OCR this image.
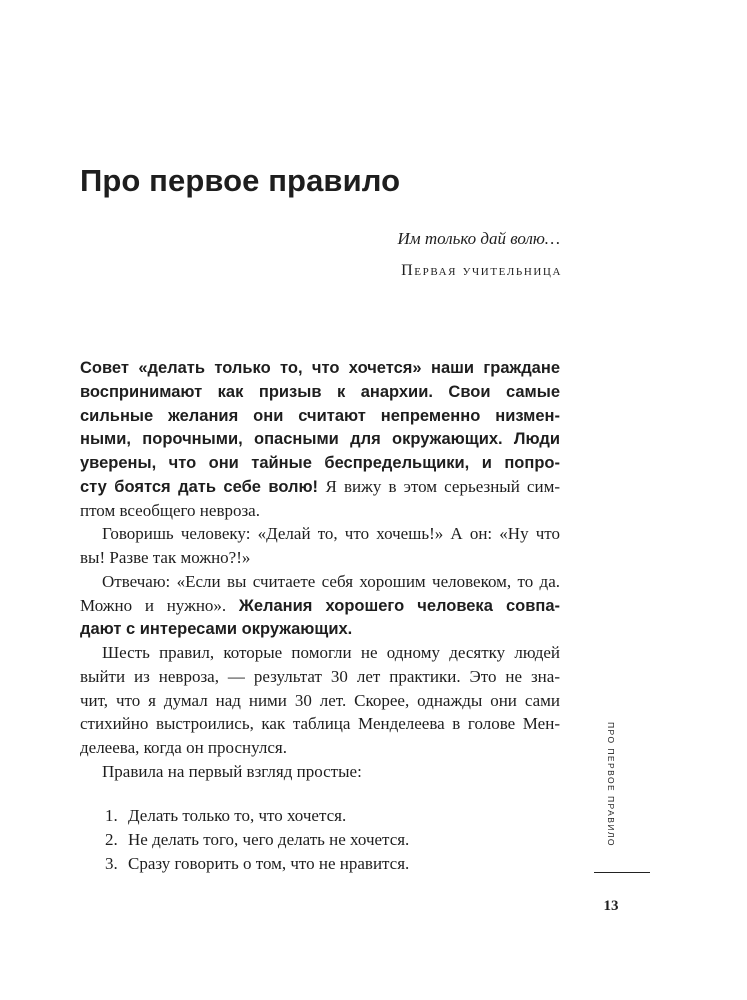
Про первое правило
Им только дай волю…
Первая учительница
Совет «делать только то, что хочется» наши граждане
воспринимают как призыв к анархии. Свои самые
сильные желания они считают непременно низмен-
ными, порочными, опасными для окружающих. Люди
уверены, что они тайные беспредельщики, и попро-
сту боятся дать себе волю! Я вижу в этом серьезный сим-
птом всеобщего невроза.
Говоришь человеку: «Делай то, что хочешь!» А он: «Ну что
вы! Разве так можно?!»
Отвечаю: «Если вы считаете себя хорошим человеком, то да.
Можно и нужно». Желания хорошего человека совпа-
дают с интересами окружающих.
Шесть правил, которые помогли не одному десятку людей
выйти из невроза, — результат 30 лет практики. Это не зна-
чит, что я думал над ними 30 лет. Скорее, однажды они сами
стихийно выстроились, как таблица Менделеева в голове Мен-
делеева, когда он проснулся.
Правила на первый взгляд простые:
1. Делать только то, что хочется.
2. Не делать того, чего делать не хочется.
3. Сразу говорить о том, что не нравится.
ПРО ПЕРВОЕ ПРАВИЛО
13
